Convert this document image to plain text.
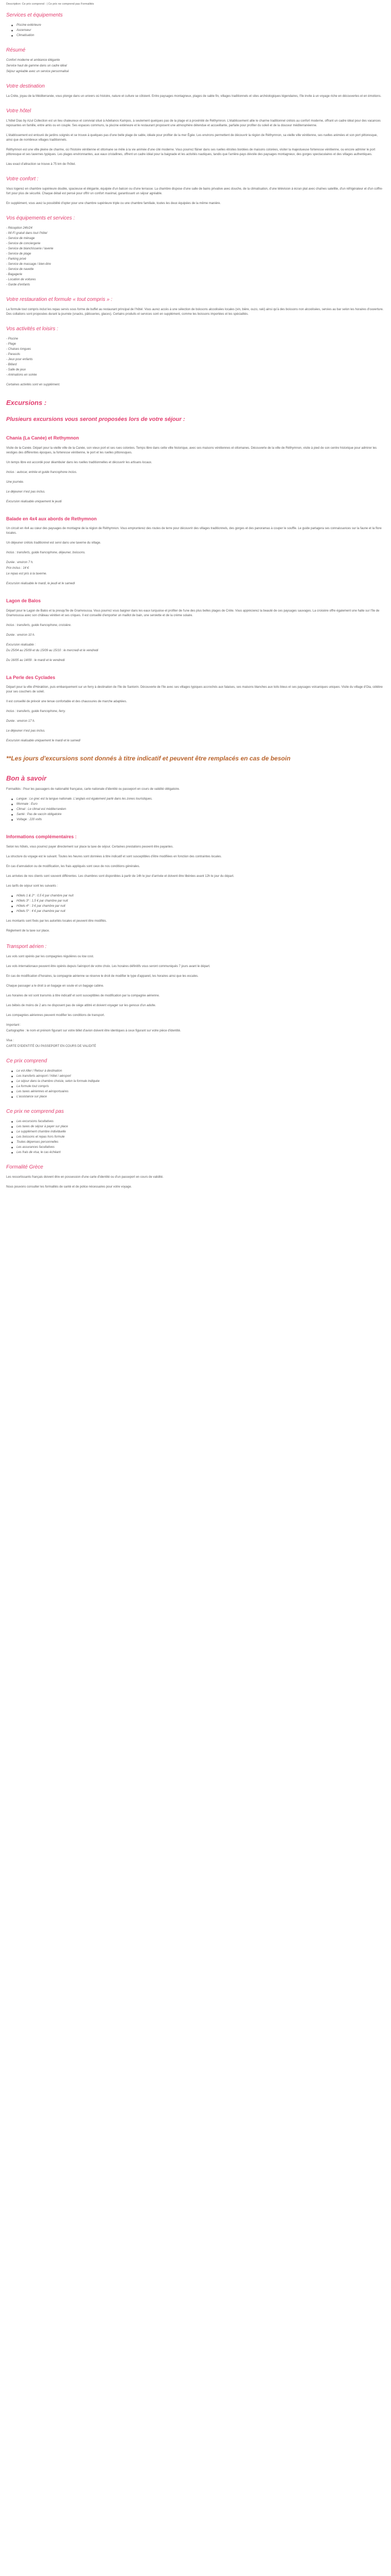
Description: Ce prix comprend : | Ce prix ne comprend pas Formalités
Services et équipements
Piscine extérieure
Ascenseur
Climatisation
Résumé

Confort moderne et ambiance élégante

Service haut de gamme dans un cadre idéal

Séjour agréable avec un service personnalisé

Votre destination

La Crète, joyau de la Méditerranée, vous plonge dans un univers où histoire, nature et culture se côtoient. Entre paysages montagneux, plages de sable fin, villages traditionnels et sites archéologiques légendaires, l'île invite à un voyage riche en découvertes et en émotions.

Votre hôtel

L'hôtel Dias by Azul Collection est un lieu chaleureux et convivial situé à Adelianos Kampos, à seulement quelques pas de la plage et à proximité de Réthymnon. L'établissement allie le charme traditionnel crétois au confort moderne, offrant un cadre idéal pour des vacances reposantes en famille, entre amis ou en couple. Ses espaces communs, la piscine extérieure et le restaurant proposent une atmosphère détendue et accueillante, parfaite pour profiter du soleil et de la douceur méditerranéenne.

L'établissement est entouré de jardins soignés et se trouve à quelques pas d'une belle plage de sable, idéale pour profiter de la mer Égée. Les environs permettent de découvrir la région de Réthymnon, sa vieille ville vénitienne, ses ruelles animées et son port pittoresque, ainsi que de nombreux villages traditionnels.

Réthymnon est une ville pleine de charme, où l'histoire vénitienne et ottomane se mêle à la vie animée d'une cité moderne. Vous pourrez flâner dans ses ruelles étroites bordées de maisons colorées, visiter la majestueuse forteresse vénitienne, ou encore admirer le port pittoresque et ses tavernes typiques. Les plages environnantes, aux eaux cristallines, offrent un cadre idéal pour la baignade et les activités nautiques, tandis que l'arrière-pays dévoile des paysages montagneux, des gorges spectaculaires et des villages authentiques.

Lieu exact d'attraction se trouve à 75 km de l'hôtel.

Votre confort :

Vous logerez en chambre supérieure double, spacieuse et élégante, équipée d'un balcon ou d'une terrasse. La chambre dispose d'une salle de bains privative avec douche, de la climatisation, d'une télévision à écran plat avec chaînes satellite, d'un réfrigérateur et d'un coffre-fort pour plus de sécurité. Chaque détail est pensé pour offrir un confort maximal, garantissant un séjour agréable.

En supplément, vous avez la possibilité d'opter pour une chambre supérieure triple ou une chambre familiale, toutes les deux équipées de la même manière.

Vos équipements et services :
- Réception 24h/24
- Wi-Fi gratuit dans tout l'hôtel
- Service de ménage
- Service de conciergerie
- Service de blanchisserie / laverie
- Service de plage
- Parking privé
- Service de massage / bien-être
- Service de navette
- Bagagerie
- Location de voitures
- Garde d'enfants
Votre restauration et formule « tout compris » :

La formule tout compris inclut les repas servis sous forme de buffet au restaurant principal de l'hôtel. Vous aurez accès à une sélection de boissons alcoolisées locales (vin, bière, ouzo, raki) ainsi qu'à des boissons non alcoolisées, servies au bar selon les horaires d'ouverture. Des collations sont proposées durant la journée (snacks, pâtisseries, glaces). Certains produits et services sont en supplément, comme les boissons importées et les spécialités.

Vos activités et loisirs :
- Piscine
- Plage
- Chaises longues
- Parasols
- Jeux pour enfants
- Billard
- Salle de jeux
- Animations en soirée

Certaines activités sont en supplément.

Excursions :
Plusieurs excursions vous seront proposées lors de votre séjour :
Chania (La Canée) et Rethymnon

Visite de la Canée. Départ pour la vieille ville de la Canée, son vieux port et ses rues colorées. Temps libre dans cette ville historique, avec ses maisons vénitiennes et ottomanes. Découverte de la ville de Réthymnon, visite à pied de son centre historique pour admirer les vestiges des différentes époques, la forteresse vénitienne, le port et les ruelles pittoresques.

Un temps libre est accordé pour déambuler dans les ruelles traditionnelles et découvrir les artisans locaux.

Inclus : autocar, entrée et guide francophone inclus.

Une journée.

Le déjeuner n'est pas inclus.

Excursion réalisable uniquement le jeudi

Balade en 4x4 aux abords de Rethymnon

Un circuit en 4x4 au cœur des paysages de montagne de la région de Réthymnon. Vous emprunterez des routes de terre pour découvrir des villages traditionnels, des gorges et des panoramas à couper le souffle. Le guide partagera ses connaissances sur la faune et la flore locales.

Un déjeuner crétois traditionnel est servi dans une taverne du village.

Inclus : transferts, guide francophone, déjeuner, boissons.

Durée : environ 7 h.

Prix inclus : 14 €

Le repas est pris à la taverne.

Excursion réalisable le mardi, le jeudi et le samedi

Lagon de Balos

Départ pour le Lagon de Balos et la presqu'île de Gramvoussa. Vous pourrez vous baigner dans les eaux turquoise et profiter de l'une des plus belles plages de Crète. Vous apprécierez la beauté de ces paysages sauvages. La croisière offre également une halte sur l'île de Gramvoussa avec son château vénitien et ses criques. Il est conseillé d'emporter un maillot de bain, une serviette et de la crème solaire.

Inclus : transferts, guide francophone, croisière.

Durée : environ 10 h.

Excursion réalisable :

Du 25/04 au 25/09 et du 15/09 au 15/10 : le mercredi et le vendredi

Du 16/05 au 14/09 : le mardi et le vendredi

La Perle des Cyclades

Départ pour la ville d'Héraklion, puis embarquement sur un ferry à destination de l'île de Santorin. Découverte de l'île avec ses villages typiques accrochés aux falaises, ses maisons blanches aux toits bleus et ses paysages volcaniques uniques. Visite du village d'Oia, célèbre pour ses couchers de soleil.

Il est conseillé de prévoir une tenue confortable et des chaussures de marche adaptées.

Inclus : transferts, guide francophone, ferry.

Durée : environ 17 h.

Le déjeuner n'est pas inclus.

Excursion réalisable uniquement le mardi et le samedi

**Les jours d'excursions sont donnés à titre indicatif et peuvent être remplacés en cas de besoin
Bon à savoir

Formalités : Pour les passagers de nationalité française, carte nationale d'identité ou passeport en cours de validité obligatoire.

Langue : Le grec est la langue nationale. L'anglais est également parlé dans les zones touristiques.
Monnaie : Euro
Climat : Le climat est méditerranéen
Santé : Pas de vaccin obligatoire
Voltage : 220 volts
Informations complémentaires :

Selon les hôtels, vous pourrez payer directement sur place la taxe de séjour. Certaines prestations peuvent être payantes.

La structure du voyage est le suivant. Toutes les heures sont données à titre indicatif et sont susceptibles d'être modifiées en fonction des contraintes locales.

En cas d'annulation ou de modification, les frais appliqués sont ceux de nos conditions générales.

Les arrivées de nos clients sont souvent différentes. Les chambres sont disponibles à partir de 14h le jour d'arrivée et doivent être libérées avant 12h le jour du départ.

Les tarifs de séjour sont les suivants :

Hôtels 1 & 2* : 0,5 € par chambre par nuit
Hôtels 3* : 1,5 € par chambre par nuit
Hôtels 4* : 3 € par chambre par nuit
Hôtels 5* : 4 € par chambre par nuit

Les montants sont fixés par les autorités locales et peuvent être modifiés.

Règlement de la taxe sur place.

Transport aérien :

Les vols sont opérés par les compagnies régulières ou low cost.

Les vols internationaux peuvent être opérés depuis l'aéroport de votre choix. Les horaires définitifs vous seront communiqués 7 jours avant le départ.

En cas de modification d'horaires, la compagnie aérienne se réserve le droit de modifier le type d'appareil, les horaires ainsi que les escales.

Chaque passager a le droit à un bagage en soute et un bagage cabine.

Les horaires de vol sont transmis à titre indicatif et sont susceptibles de modification par la compagnie aérienne.

Les bébés de moins de 2 ans ne disposent pas de siège attitré et doivent voyager sur les genoux d'un adulte.

Les compagnies aériennes peuvent modifier les conditions de transport.

Important :

Cartographie : le nom et prénom figurant sur votre billet d'avion doivent être identiques à ceux figurant sur votre pièce d'identité.

Visa :

CARTE D'IDENTITÉ OU PASSEPORT EN COURS DE VALIDITÉ

Ce prix comprend
Le vol Aller / Retour à destination
Les transferts aéroport / hôtel / aéroport
Le séjour dans la chambre choisie, selon la formule indiquée
La formule tout compris
Les taxes aériennes et aéroportuaires
L'assistance sur place
Ce prix ne comprend pas
Les excursions facultatives
Les taxes de séjour à payer sur place
Le supplément chambre individuelle
Les boissons et repas hors formule
Toutes dépenses personnelles
Les assurances facultatives
Les frais de visa, le cas échéant
Formalité Grèce

Les ressortissants français doivent être en possession d'une carte d'identité ou d'un passeport en cours de validité.

Nous pouvons consulter les formalités de santé et de police nécessaires pour votre voyage.
